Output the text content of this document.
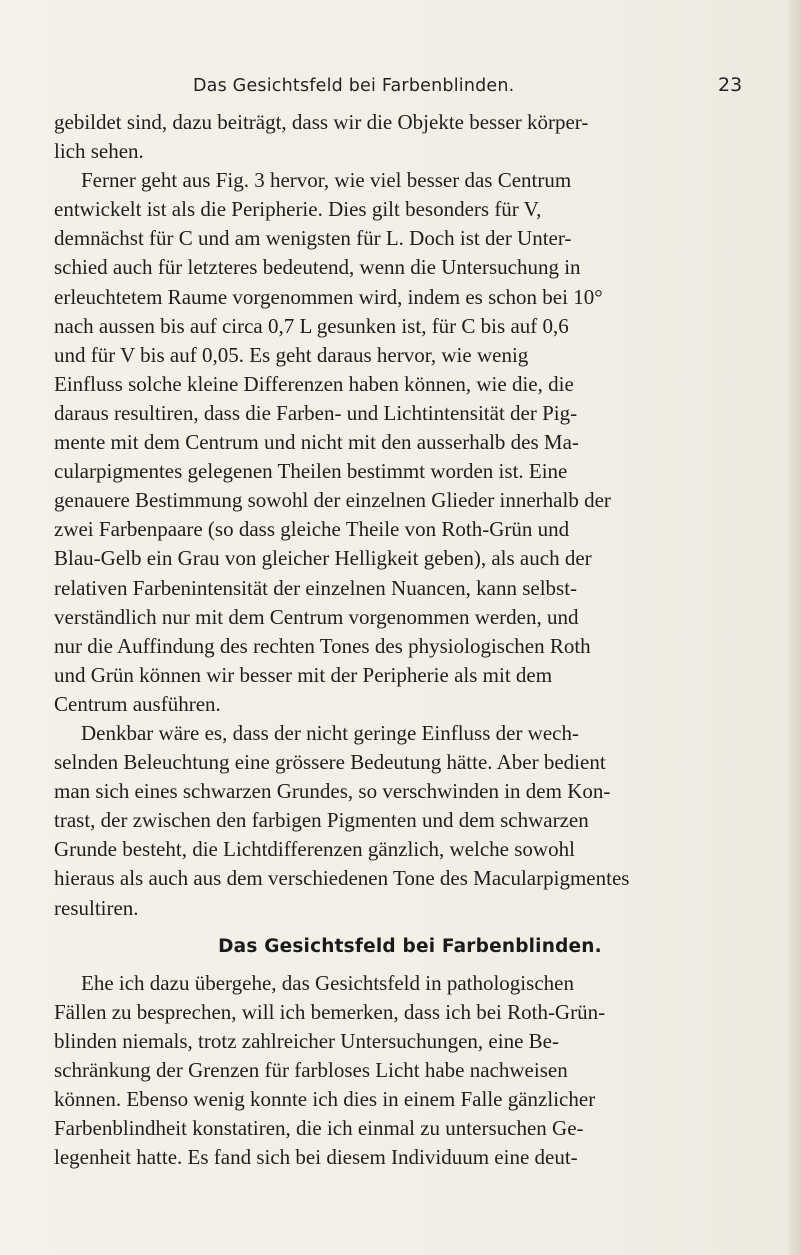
Das Gesichtsfeld bei Farbenblinden.	23
gebildet sind, dazu beiträgt, dass wir die Objekte besser körper-
lich sehen.
Ferner geht aus Fig. 3 hervor, wie viel besser das Centrum
entwickelt ist als die Peripherie. Dies gilt besonders für V,
demnächst für C und am wenigsten für L. Doch ist der Unter-
schied auch für letzteres bedeutend, wenn die Untersuchung in
erleuchtetem Raume vorgenommen wird, indem es schon bei 10°
nach aussen bis auf circa 0,7 L gesunken ist, für C bis auf 0,6
und für V bis auf 0,05. Es geht daraus hervor, wie wenig
Einfluss solche kleine Differenzen haben können, wie die, die
daraus resultiren, dass die Farben- und Lichtintensität der Pig-
mente mit dem Centrum und nicht mit den ausserhalb des Ma-
cularpigmentes gelegenen Theilen bestimmt worden ist. Eine
genauere Bestimmung sowohl der einzelnen Glieder innerhalb der
zwei Farbenpaare (so dass gleiche Theile von Roth-Grün und
Blau-Gelb ein Grau von gleicher Helligkeit geben), als auch der
relativen Farbenintensität der einzelnen Nuancen, kann selbst-
verständlich nur mit dem Centrum vorgenommen werden, und
nur die Auffindung des rechten Tones des physiologischen Roth
und Grün können wir besser mit der Peripherie als mit dem
Centrum ausführen.
Denkbar wäre es, dass der nicht geringe Einfluss der wech-
selnden Beleuchtung eine grössere Bedeutung hätte. Aber bedient
man sich eines schwarzen Grundes, so verschwinden in dem Kon-
trast, der zwischen den farbigen Pigmenten und dem schwarzen
Grunde besteht, die Lichtdifferenzen gänzlich, welche sowohl
hieraus als auch aus dem verschiedenen Tone des Macularpigmentes
resultiren.
Das Gesichtsfeld bei Farbenblinden.
Ehe ich dazu übergehe, das Gesichtsfeld in pathologischen
Fällen zu besprechen, will ich bemerken, dass ich bei Roth-Grün-
blinden niemals, trotz zahlreicher Untersuchungen, eine Be-
schränkung der Grenzen für farbloses Licht habe nachweisen
können. Ebenso wenig konnte ich dies in einem Falle gänzlicher
Farbenblindheit konstatiren, die ich einmal zu untersuchen Ge-
legenheit hatte. Es fand sich bei diesem Individuum eine deut-
